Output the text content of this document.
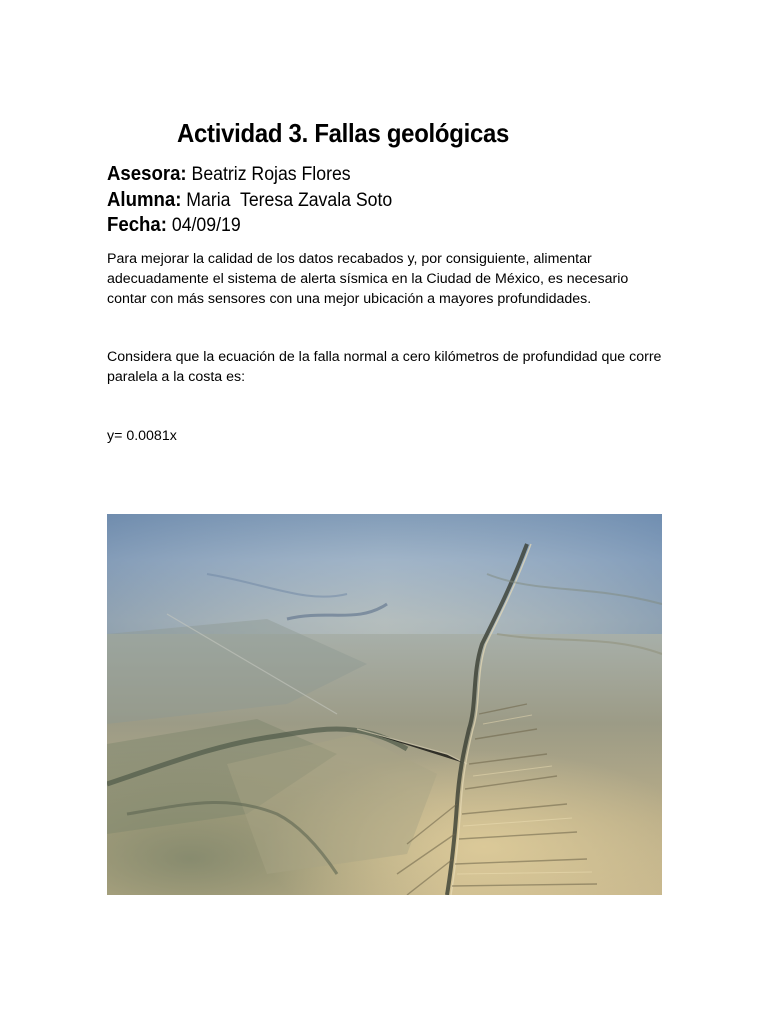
Actividad 3. Fallas geológicas
Asesora: Beatriz Rojas Flores
Alumna: Maria  Teresa Zavala Soto
Fecha: 04/09/19
Para mejorar la calidad de los datos recabados y, por consiguiente, alimentar adecuadamente el sistema de alerta sísmica en la Ciudad de México, es necesario contar con más sensores con una mejor ubicación a mayores profundidades.
Considera que la ecuación de la falla normal a cero kilómetros de profundidad que corre paralela a la costa es:
y= 0.0081x
